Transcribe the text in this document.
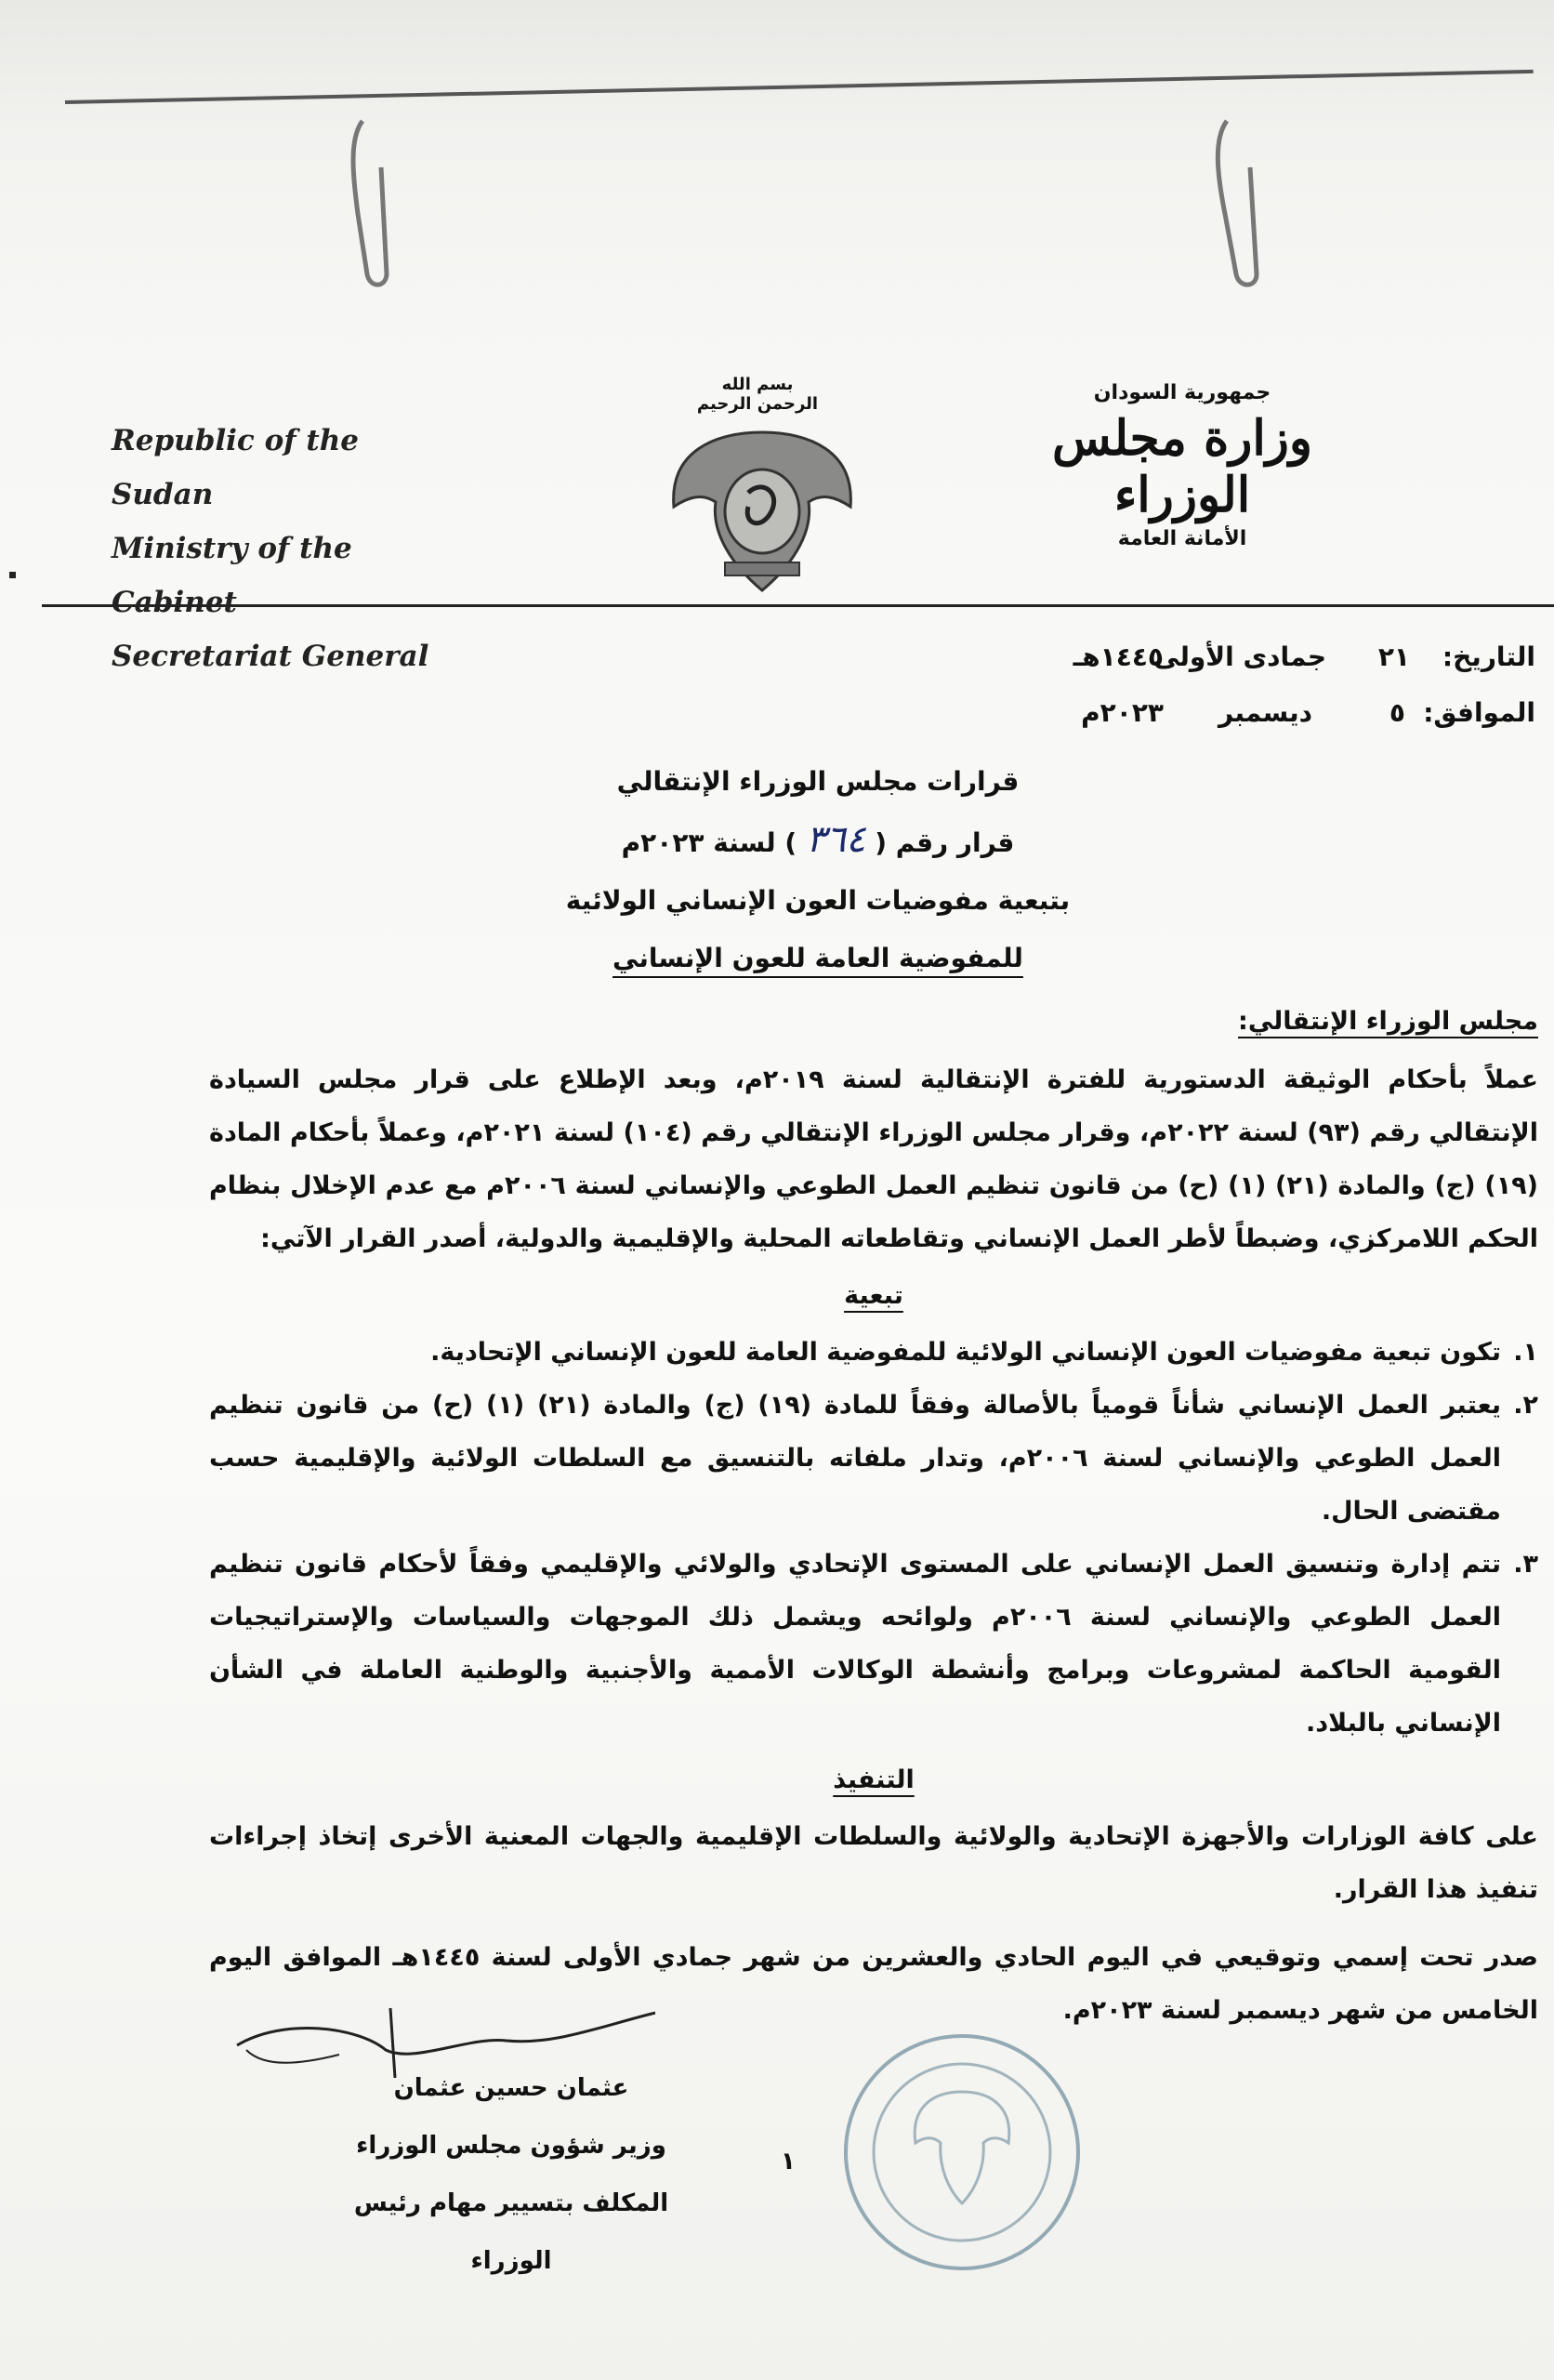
Republic of the Sudan
Ministry of the Cabinet
Secretariat General
بسم الله الرحمن الرحيم	جمهورية السودان
وزارة مجلس الوزراء
الأمانة العامة
التاريخ:
٢١
جمادى الأولى
١٤٤٥هـ
الموافق:
٥
ديسمبر
٢٠٢٣م
قرارات مجلس الوزراء الإنتقالي
قرار رقم ( ٣٦٤ ) لسنة ٢٠٢٣م
بتبعية مفوضيات العون الإنساني الولائية
للمفوضية العامة للعون الإنساني
مجلس الوزراء الإنتقالي:
عملاً بأحكام الوثيقة الدستورية للفترة الإنتقالية لسنة ٢٠١٩م، وبعد الإطلاع على قرار مجلس السيادة الإنتقالي رقم (٩٣) لسنة ٢٠٢٢م، وقرار مجلس الوزراء الإنتقالي رقم (١٠٤) لسنة ٢٠٢١م، وعملاً بأحكام المادة (١٩) (ج) والمادة (٢١) (١) (ح) من قانون تنظيم العمل الطوعي والإنساني لسنة ٢٠٠٦م مع عدم الإخلال بنظام الحكم اللامركزي، وضبطاً لأطر العمل الإنساني وتقاطعاته المحلية والإقليمية والدولية، أصدر القرار الآتي:
تبعية
١.
تكون تبعية مفوضيات العون الإنساني الولائية للمفوضية العامة للعون الإنساني الإتحادية.
٢.
يعتبر العمل الإنساني شأناً قومياً بالأصالة وفقاً للمادة (١٩) (ج) والمادة (٢١) (١) (ح) من قانون تنظيم العمل الطوعي والإنساني لسنة ٢٠٠٦م، وتدار ملفاته بالتنسيق مع السلطات الولائية والإقليمية حسب مقتضى الحال.
٣.
تتم إدارة وتنسيق العمل الإنساني على المستوى الإتحادي والولائي والإقليمي وفقاً لأحكام قانون تنظيم العمل الطوعي والإنساني لسنة ٢٠٠٦م ولوائحه ويشمل ذلك الموجهات والسياسات والإستراتيجيات القومية الحاكمة لمشروعات وبرامج وأنشطة الوكالات الأممية والأجنبية والوطنية العاملة في الشأن الإنساني بالبلاد.
التنفيذ
على كافة الوزارات والأجهزة الإتحادية والولائية والسلطات الإقليمية والجهات المعنية الأخرى إتخاذ إجراءات تنفيذ هذا القرار.
صدر تحت إسمي وتوقيعي في اليوم الحادي والعشرين من شهر جمادي الأولى لسنة ١٤٤٥هـ الموافق اليوم الخامس من شهر ديسمبر لسنة ٢٠٢٣م.
عثمان حسين عثمان
وزير شؤون مجلس الوزراء
المكلف بتسيير مهام رئيس الوزراء
١
